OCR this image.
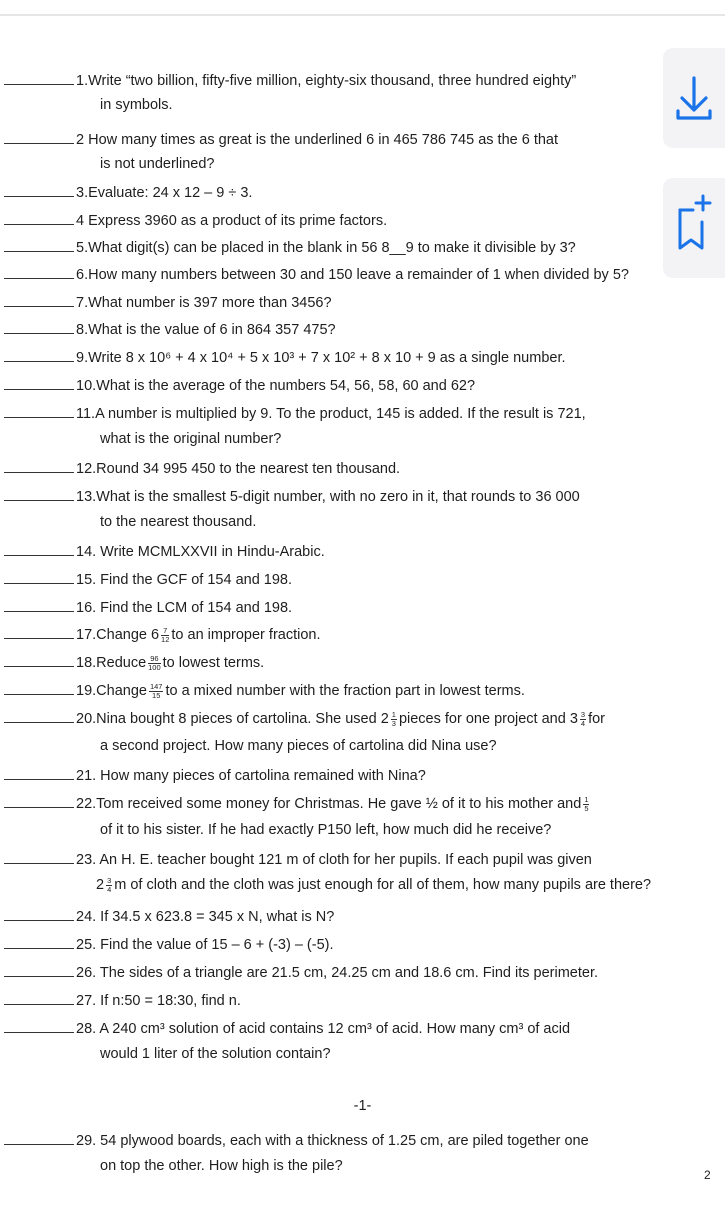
1.Write “two billion, fifty-five million, eighty-six thousand, three hundred eighty”
in symbols.
2 How many times as great is the underlined 6 in 465 786 745 as the 6 that
is not underlined?
3.Evaluate: 24 x 12 – 9 ÷ 3.
4 Express 3960 as a product of its prime factors.
5.What digit(s) can be placed in the blank in 56 8__9 to make it divisible by 3?
6.How many numbers between 30 and 150 leave a remainder of 1 when divided by 5?
7.What number is 397 more than 3456?
8.What is the value of 6 in 864 357 475?
9.Write 8 x 10⁶ + 4 x 10⁴ + 5 x 10³ + 7 x 10² + 8 x 10 + 9 as a single number.
10.What is the average of the numbers 54, 56, 58, 60 and 62?
11.A number is multiplied by 9. To the product, 145 is added. If the result is 721,
what is the original number?
12.Round 34 995 450 to the nearest ten thousand.
13.What is the smallest 5-digit number, with no zero in it, that rounds to 36 000
to the nearest thousand.
14. Write MCMLXXVII in Hindu-Arabic.
15. Find the GCF of 154 and 198.
16. Find the LCM of 154 and 198.
17.Change $6 \frac{7}{12}$ to an improper fraction.
18.Reduce $\frac{96}{100}$ to lowest terms.
19.Change $\frac{147}{15}$ to a mixed number with the fraction part in lowest terms.
20.Nina bought 8 pieces of cartolina. She used $2 \frac{1}{3}$ pieces for one project and $3 \frac{3}{4}$ for
a second project. How many pieces of cartolina did Nina use?
21. How many pieces of cartolina remained with Nina?
22.Tom received some money for Christmas. He gave ½ of it to his mother and $\frac{1}{5}$
of it to his sister. If he had exactly P150 left, how much did he receive?
23. An H. E. teacher bought 121 m of cloth for her pupils. If each pupil was given
$2 \frac{3}{4}$ m of cloth and the cloth was just enough for all of them, how many pupils are there?
24. If 34.5 x 623.8 = 345 x N, what is N?
25. Find the value of 15 – 6 + (-3) – (-5).
26. The sides of a triangle are 21.5 cm, 24.25 cm and 18.6 cm. Find its perimeter.
27. If n:50 = 18:30, find n.
28. A 240 cm³ solution of acid contains 12 cm³ of acid. How many cm³ of acid
would 1 liter of the solution contain?
-1-
29. 54 plywood boards, each with a thickness of 1.25 cm, are piled together one
on top the other. How high is the pile?
2
